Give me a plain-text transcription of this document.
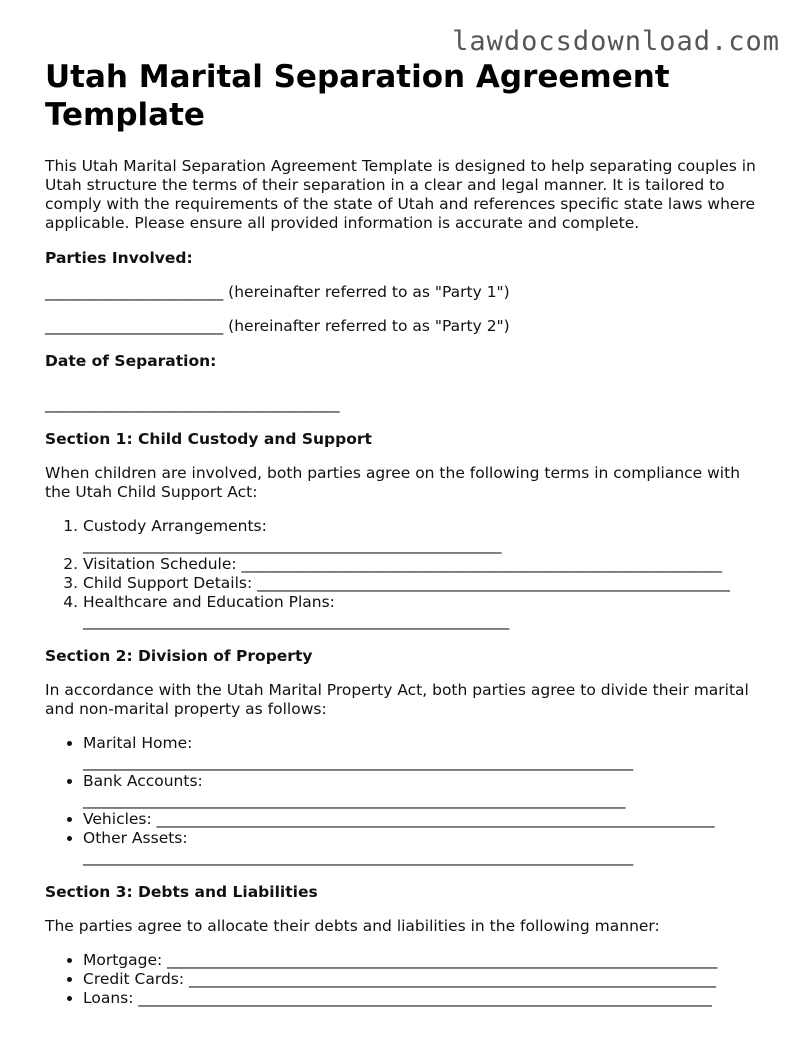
lawdocsdownload.com
Utah Marital Separation Agreement Template

This Utah Marital Separation Agreement Template is designed to help separating couples in Utah structure the terms of their separation in a clear and legal manner. It is tailored to comply with the requirements of the state of Utah and references specific state laws where applicable. Please ensure all provided information is accurate and complete.

Parties Involved:
_______________________ (hereinafter referred to as "Party 1")
_______________________ (hereinafter referred to as "Party 2")
Date of Separation:
______________________________________
Section 1: Child Custody and Support

When children are involved, both parties agree on the following terms in compliance with the Utah Child Support Act:

1. Custody Arrangements:
______________________________________________________
2. Visitation Schedule: ______________________________________________________________
3. Child Support Details: _____________________________________________________________
4. Healthcare and Education Plans:
_______________________________________________________
Section 2: Division of Property

In accordance with the Utah Marital Property Act, both parties agree to divide their marital and non-marital property as follows:

• Marital Home:
_______________________________________________________________________
• Bank Accounts:
______________________________________________________________________
• Vehicles: ________________________________________________________________________
• Other Assets:
_______________________________________________________________________
Section 3: Debts and Liabilities

The parties agree to allocate their debts and liabilities in the following manner:

• Mortgage: _______________________________________________________________________
• Credit Cards: ____________________________________________________________________
• Loans: __________________________________________________________________________
